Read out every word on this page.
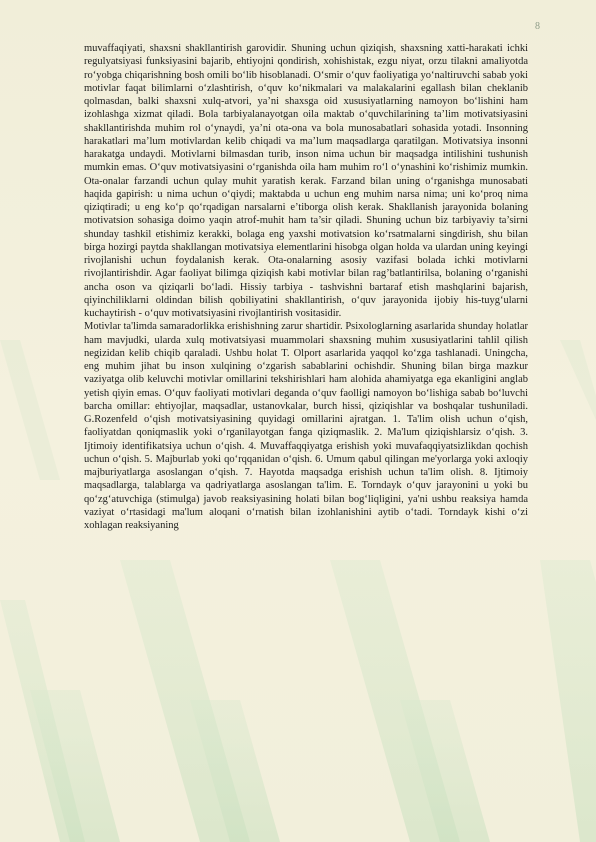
8

muvaffaqiyati, shaxsni shakllantirish garovidir. Shuning uchun qiziqish, shaxsning xatti-harakati ichki regulyatsiyasi funksiyasini bajarib, ehtiyojni qondirish, xohishistak, ezgu niyat, orzu tilakni amaliyotda ro‘yobga chiqarishning bosh omili bo‘lib hisoblanadi. O‘smir o‘quv faoliyatiga yo‘naltiruvchi sabab yoki motivlar faqat bilimlarni o‘zlashtirish, o‘quv ko‘nikmalari va malakalarini egallash bilan cheklanib qolmasdan, balki shaxsni xulq-atvori, ya’ni shaxsga oid xususiyatlarning namoyon bo‘lishini ham izohlashga xizmat qiladi. Bola tarbiyalanayotgan oila maktab o‘quvchilarining ta’lim motivatsiyasini shakllantirishda muhim rol o‘ynaydi, ya’ni ota-ona va bola munosabatlari sohasida yotadi. Insonning harakatlari ma’lum motivlardan kelib chiqadi va ma’lum maqsadlarga qaratilgan. Motivatsiya insonni harakatga undaydi. Motivlarni bilmasdan turib, inson nima uchun bir maqsadga intilishini tushunish mumkin emas. O‘quv motivatsiyasini o‘rganishda oila ham muhim ro‘l o‘ynashini ko‘rishimiz mumkin. Ota-onalar farzandi uchun qulay muhit yaratish kerak. Farzand bilan uning o‘rganishga munosabati haqida gapirish: u nima uchun o‘qiydi; maktabda u uchun eng muhim narsa nima; uni ko‘proq nima qiziqtiradi; u eng ko‘p qo‘rqadigan narsalarni e’tiborga olish kerak. Shakllanish jarayonida bolaning motivatsion sohasiga doimo yaqin atrof-muhit ham ta’sir qiladi. Shuning uchun biz tarbiyaviy ta’sirni shunday tashkil etishimiz kerakki, bolaga eng yaxshi motivatsion ko‘rsatmalarni singdirish, shu bilan birga hozirgi paytda shakllangan motivatsiya elementlarini hisobga olgan holda va ulardan uning keyingi rivojlanishi uchun foydalanish kerak. Ota-onalarning asosiy vazifasi bolada ichki motivlarni rivojlantirishdir. Agar faoliyat bilimga qiziqish kabi motivlar bilan rag’batlantirilsa, bolaning o‘rganishi ancha oson va qiziqarli bo‘ladi. Hissiy tarbiya - tashvishni bartaraf etish mashqlarini bajarish, qiyinchiliklarni oldindan bilish qobiliyatini shakllantirish, o‘quv jarayonida ijobiy his-tuyg‘ularni kuchaytirish - o‘quv motivatsiyasini rivojlantirish vositasidir.

Motivlar ta'limda samaradorlikka erishishning zarur shartidir. Psixologlarning asarlarida shunday holatlar ham mavjudki, ularda xulq motivatsiyasi muammolari shaxsning muhim xususiyatlarini tahlil qilish negizidan kelib chiqib qaraladi. Ushbu holat T. Olport asarlarida yaqqol ko‘zga tashlanadi. Uningcha, eng muhim jihat bu inson xulqining o‘zgarish sabablarini ochishdir. Shuning bilan birga mazkur vaziyatga olib keluvchi motivlar omillarini tekshirishlari ham alohida ahamiyatga ega ekanligini anglab yetish qiyin emas. O‘quv faoliyati motivlari deganda o‘quv faolligi namoyon bo‘lishiga sabab bo‘luvchi barcha omillar: ehtiyojlar, maqsadlar, ustanovkalar, burch hissi, qiziqishlar va boshqalar tushuniladi. G.Rozenfeld o‘qish motivatsiyasining quyidagi omillarini ajratgan. 1. Ta'lim olish uchun o‘qish, faoliyatdan qoniqmaslik yoki o‘rganilayotgan fanga qiziqmaslik. 2. Ma'lum qiziqishlarsiz o‘qish. 3. Ijtimoiy identifikatsiya uchun o‘qish. 4. Muvaffaqqiyatga erishish yoki muvafaqqiyatsizlikdan qochish uchun o‘qish. 5. Majburlab yoki qo‘rqqanidan o‘qish. 6. Umum qabul qilingan me'yorlarga yoki axloqiy majburiyatlarga asoslangan o‘qish. 7. Hayotda maqsadga erishish uchun ta'lim olish. 8. Ijtimoiy maqsadlarga, talablarga va qadriyatlarga asoslangan ta'lim. E. Torndayk o‘quv jarayonini u yoki bu qo‘zg‘atuvchiga (stimulga) javob reaksiyasining holati bilan bog‘liqligini, ya'ni ushbu reaksiya hamda vaziyat o‘rtasidagi ma'lum aloqani o‘rnatish bilan izohlanishini aytib o‘tadi. Torndayk kishi o‘zi xohlagan reaksiyaning
